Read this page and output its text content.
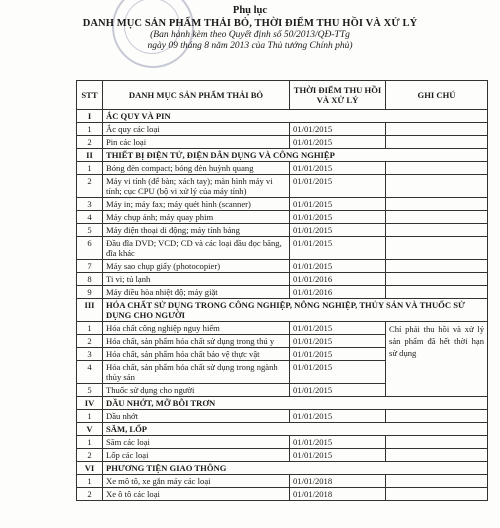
Phụ lục
DANH MỤC SẢN PHẨM THẢI BỎ, THỜI ĐIỂM THU HỒI VÀ XỬ LÝ
(Ban hành kèm theo Quyết định số 50/2013/QĐ-TTg
ngày 09 tháng 8 năm 2013 của Thủ tướng Chính phủ)
STT	DANH MỤC SẢN PHẨM THẢI BỎ	THỜI ĐIỂM THU HỒI VÀ XỬ LÝ	GHI CHÚ
I	ẮC QUY VÀ PIN		
1	Ắc quy các loại	01/01/2015	
2	Pin các loại	01/01/2015	
II	THIẾT BỊ ĐIỆN TỬ, ĐIỆN DÂN DỤNG VÀ CÔNG NGHIỆP		
1	Bóng đèn compact; bóng đèn huỳnh quang	01/01/2015	
2	Máy vi tính (để bàn; xách tay); màn hình máy vi tính; cục CPU (bộ vi xử lý của máy tính)	01/01/2015	
3	Máy in; máy fax; máy quét hình (scanner)	01/01/2015	
4	Máy chụp ảnh; máy quay phim	01/01/2015	
5	Máy điện thoại di động; máy tính bảng	01/01/2015	
6	Đầu đĩa DVD; VCD; CD và các loại đầu đọc băng, đĩa khác	01/01/2015	
7	Máy sao chụp giấy (photocopier)	01/01/2015	
8	Ti vi; tủ lạnh	01/01/2016	
9	Máy điều hòa nhiệt độ; máy giặt	01/01/2016	
III	HÓA CHẤT SỬ DỤNG TRONG CÔNG NGHIỆP, NÔNG NGHIỆP, THỦY SẢN VÀ THUỐC SỬ DỤNG CHO NGƯỜI		
1	Hóa chất công nghiệp nguy hiểm	01/01/2015	Chỉ phải thu hồi và xử lý sản phẩm đã hết thời hạn sử dụng
2	Hóa chất, sản phẩm hóa chất sử dụng trong thú y	01/01/2015	
3	Hóa chất, sản phẩm hóa chất bảo vệ thực vật	01/01/2015	
4	Hóa chất, sản phẩm hóa chất sử dụng trong ngành thủy sản	01/01/2015	
5	Thuốc sử dụng cho người	01/01/2015	
IV	DẦU NHỚT, MỠ BÔI TRƠN		
1	Dầu nhớt	01/01/2015	
V	SĂM, LỐP		
1	Săm các loại	01/01/2015	
2	Lốp các loại	01/01/2015	
VI	PHƯƠNG TIỆN GIAO THÔNG		
1	Xe mô tô, xe gắn máy các loại	01/01/2018	
2	Xe ô tô các loại	01/01/2018	
